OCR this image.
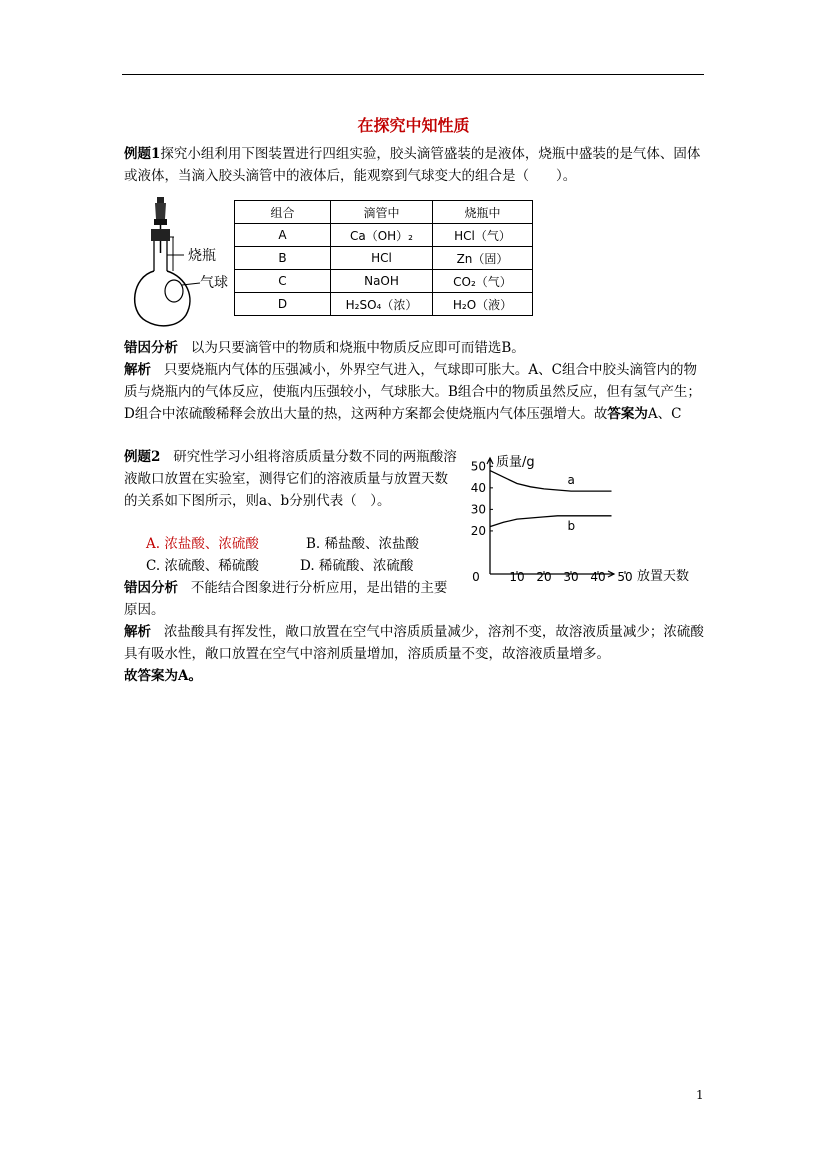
在探究中知性质
例题1探究小组利用下图装置进行四组实验，胶头滴管盛装的是液体，烧瓶中盛装的是气体、固体或液体，当滴入胶头滴管中的液体后，能观察到气球变大的组合是（　　）。
烧瓶
气球
组合	滴管中	烧瓶中
A	Ca（OH）₂	HCl（气）
B	HCl	Zn（固）
C	NaOH	CO₂（气）
D	H₂SO₄（浓）	H₂O（液）
错因分析 以为只要滴管中的物质和烧瓶中物质反应即可而错选B。
解析 只要烧瓶内气体的压强减小，外界空气进入，气球即可胀大。A、C组合中胶头滴管内的物质与烧瓶内的气体反应，使瓶内压强较小，气球胀大。B组合中的物质虽然反应，但有氢气产生；D组合中浓硫酸稀释会放出大量的热，这两种方案都会使烧瓶内气体压强增大。故答案为A、C
例题2 研究性学习小组将溶质质量分数不同的两瓶酸溶液敞口放置在实验室，测得它们的溶液质量与放置天数的关系如下图所示，则a、b分别代表（　）。
A. 浓盐酸、浓硫酸	B. 稀盐酸、浓盐酸
C. 浓硫酸、稀硫酸	D. 稀硫酸、浓硫酸
错因分析 不能结合图象进行分析应用，是出错的主要原因。
解析 浓盐酸具有挥发性，敞口放置在空气中溶质质量减少，溶剂不变，故溶液质量减少；浓硫酸具有吸水性，敞口放置在空气中溶剂质量增加，溶质质量不变，故溶液质量增多。
故答案为A。
质量/g
放置天数
0 10 20 30 40 50
20
30
40
50
a
b
1
